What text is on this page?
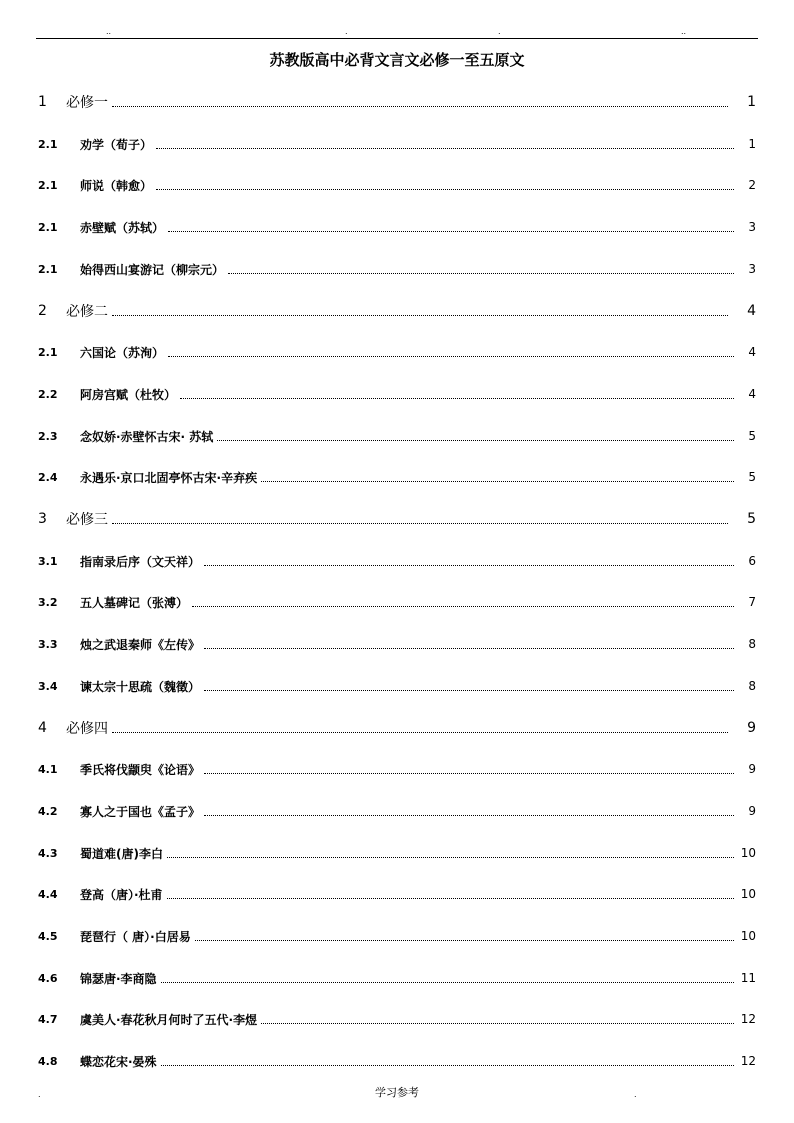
..	.	.	..
苏教版高中必背文言文必修一至五原文
1	必修一	1
2.1	劝学（荀子）	1
2.1	师说（韩愈）	2
2.1	赤壁赋（苏轼）	3
2.1	始得西山宴游记（柳宗元）	3
2	必修二	4
2.1	六国论（苏洵）	4
2.2	阿房宫赋（杜牧）	4
2.3	念奴娇·赤壁怀古宋· 苏轼	5
2.4	永遇乐·京口北固亭怀古宋·辛弃疾	5
3	必修三	5
3.1	指南录后序（文天祥）	6
3.2	五人墓碑记（张溥）	7
3.3	烛之武退秦师《左传》	8
3.4	谏太宗十思疏（魏徵）	8
4	必修四	9
4.1	季氏将伐颛臾《论语》	9
4.2	寡人之于国也《孟子》	9
4.3	蜀道难(唐)李白	10
4.4	登高（唐）·杜甫	10
4.5	琵琶行（ 唐）·白居易	10
4.6	锦瑟唐·李商隐	11
4.7	虞美人·春花秋月何时了五代·李煜	12
4.8	蝶恋花宋·晏殊	12
学习参考
.	.
